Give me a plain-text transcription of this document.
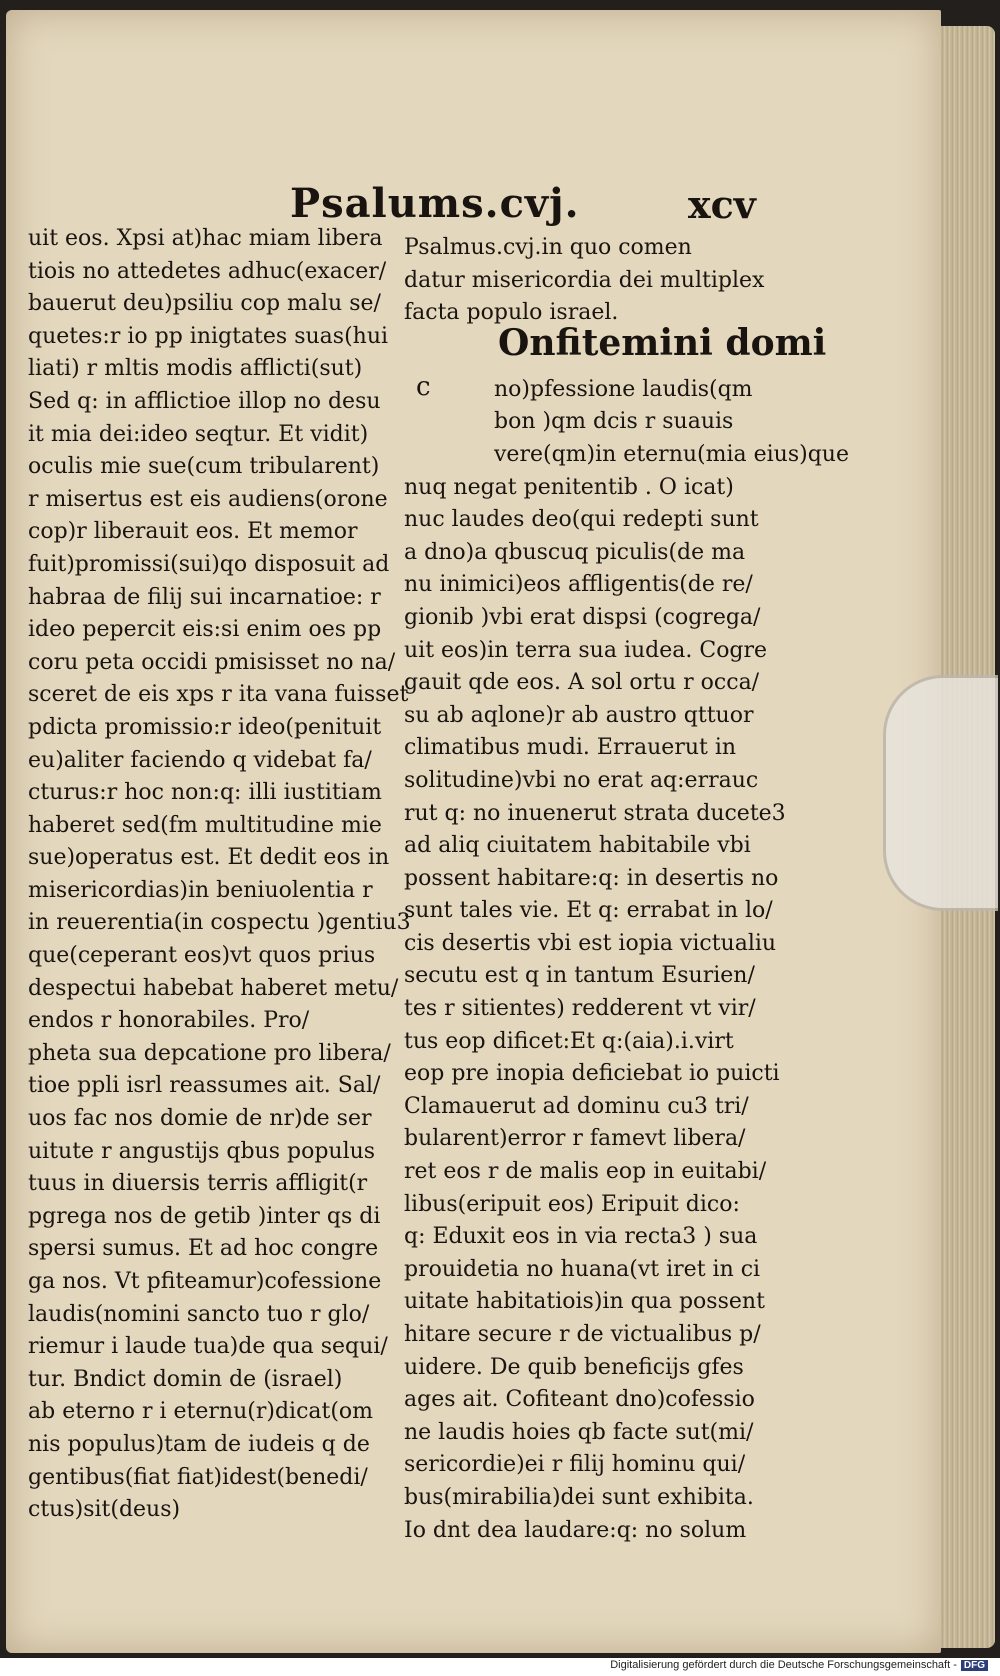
Psalums.cvj.	xcv
uit eos. Xpsi at)hac miam libera
tiois no attedetes adhuc(exacer/
bauerut deu)psiliu cop malu se/
quetes:r io pp inigtates suas(hui
liati) r mltis modis afflicti(sut)
Sed q: in afflictioe illop no desu
it mia dei:ideo seqtur. Et vidit)
oculis mie sue(cum tribularent)
r misertus est eis audiens(orone
cop)r liberauit eos. Et memor
fuit)promissi(sui)qo disposuit ad
habraa de filij sui incarnatioe: r
ideo pepercit eis:si enim oes pp
coru peta occidi pmisisset no na/
sceret de eis xps r ita vana fuisset
pdicta promissio:r ideo(penituit
eu)aliter faciendo q videbat fa/
cturus:r hoc non:q: illi iustitiam
haberet sed(fm multitudine mie
sue)operatus est. Et dedit eos in
misericordias)in beniuolentia r
in reuerentia(in cospectu )gentiu3
que(ceperant eos)vt quos prius
despectui habebat haberet metu/
endos r honorabiles. Pro/
pheta sua depcatione pro libera/
tioe ppli isrl reassumes ait. Sal/
uos fac nos domie de nr)de ser
uitute r angustijs qbus populus
tuus in diuersis terris affligit(r
pgrega nos de getib )inter qs di
spersi sumus. Et ad hoc congre
ga nos. Vt pfiteamur)cofessione
laudis(nomini sancto tuo r glo/
riemur i laude tua)de qua sequi/
tur. Bndict domin de (israel)
ab eterno r i eternu(r)dicat(om
nis populus)tam de iudeis q de
gentibus(fiat fiat)idest(benedi/
ctus)sit(deus)
Psalmus.cvj.in quo comen
datur misericordia dei multiplex
facta populo israel.
no)pfessione laudis(qm
bon )qm dcis r suauis
vere(qm)in eternu(mia eius)que
nuq negat penitentib . O icat)
nuc laudes deo(qui redepti sunt
a dno)a qbuscuq piculis(de ma
nu inimici)eos affligentis(de re/
gionib )vbi erat dispsi (cogrega/
uit eos)in terra sua iudea. Cogre
gauit qde eos. A sol ortu r occa/
su ab aqlone)r ab austro qttuor
climatibus mudi. Errauerut in
solitudine)vbi no erat aq:errauc
rut q: no inuenerut strata ducete3
ad aliq ciuitatem habitabile vbi
possent habitare:q: in desertis no
sunt tales vie. Et q: errabat in lo/
cis desertis vbi est iopia victualiu
secutu est q in tantum Esurien/
tes r sitientes) redderent vt vir/
tus eop dificet:Et q:(aia).i.virt
eop pre inopia deficiebat io puicti
Clamauerut ad dominu cu3 tri/
bularent)error r famevt libera/
ret eos r de malis eop in euitabi/
libus(eripuit eos) Eripuit dico:
q: Eduxit eos in via recta3 ) sua
prouidetia no huana(vt iret in ci
uitate habitatiois)in qua possent
hitare secure r de victualibus p/
uidere. De quib beneficijs gfes
ages ait. Cofiteant dno)cofessio
ne laudis hoies qb facte sut(mi/
sericordie)ei r filij hominu qui/
bus(mirabilia)dei sunt exhibita.
Io dnt dea laudare:q: no solum
Onfitemini domi
c
Digitalisierung gefördert durch die Deutsche Forschungsgemeinschaft - DFG
